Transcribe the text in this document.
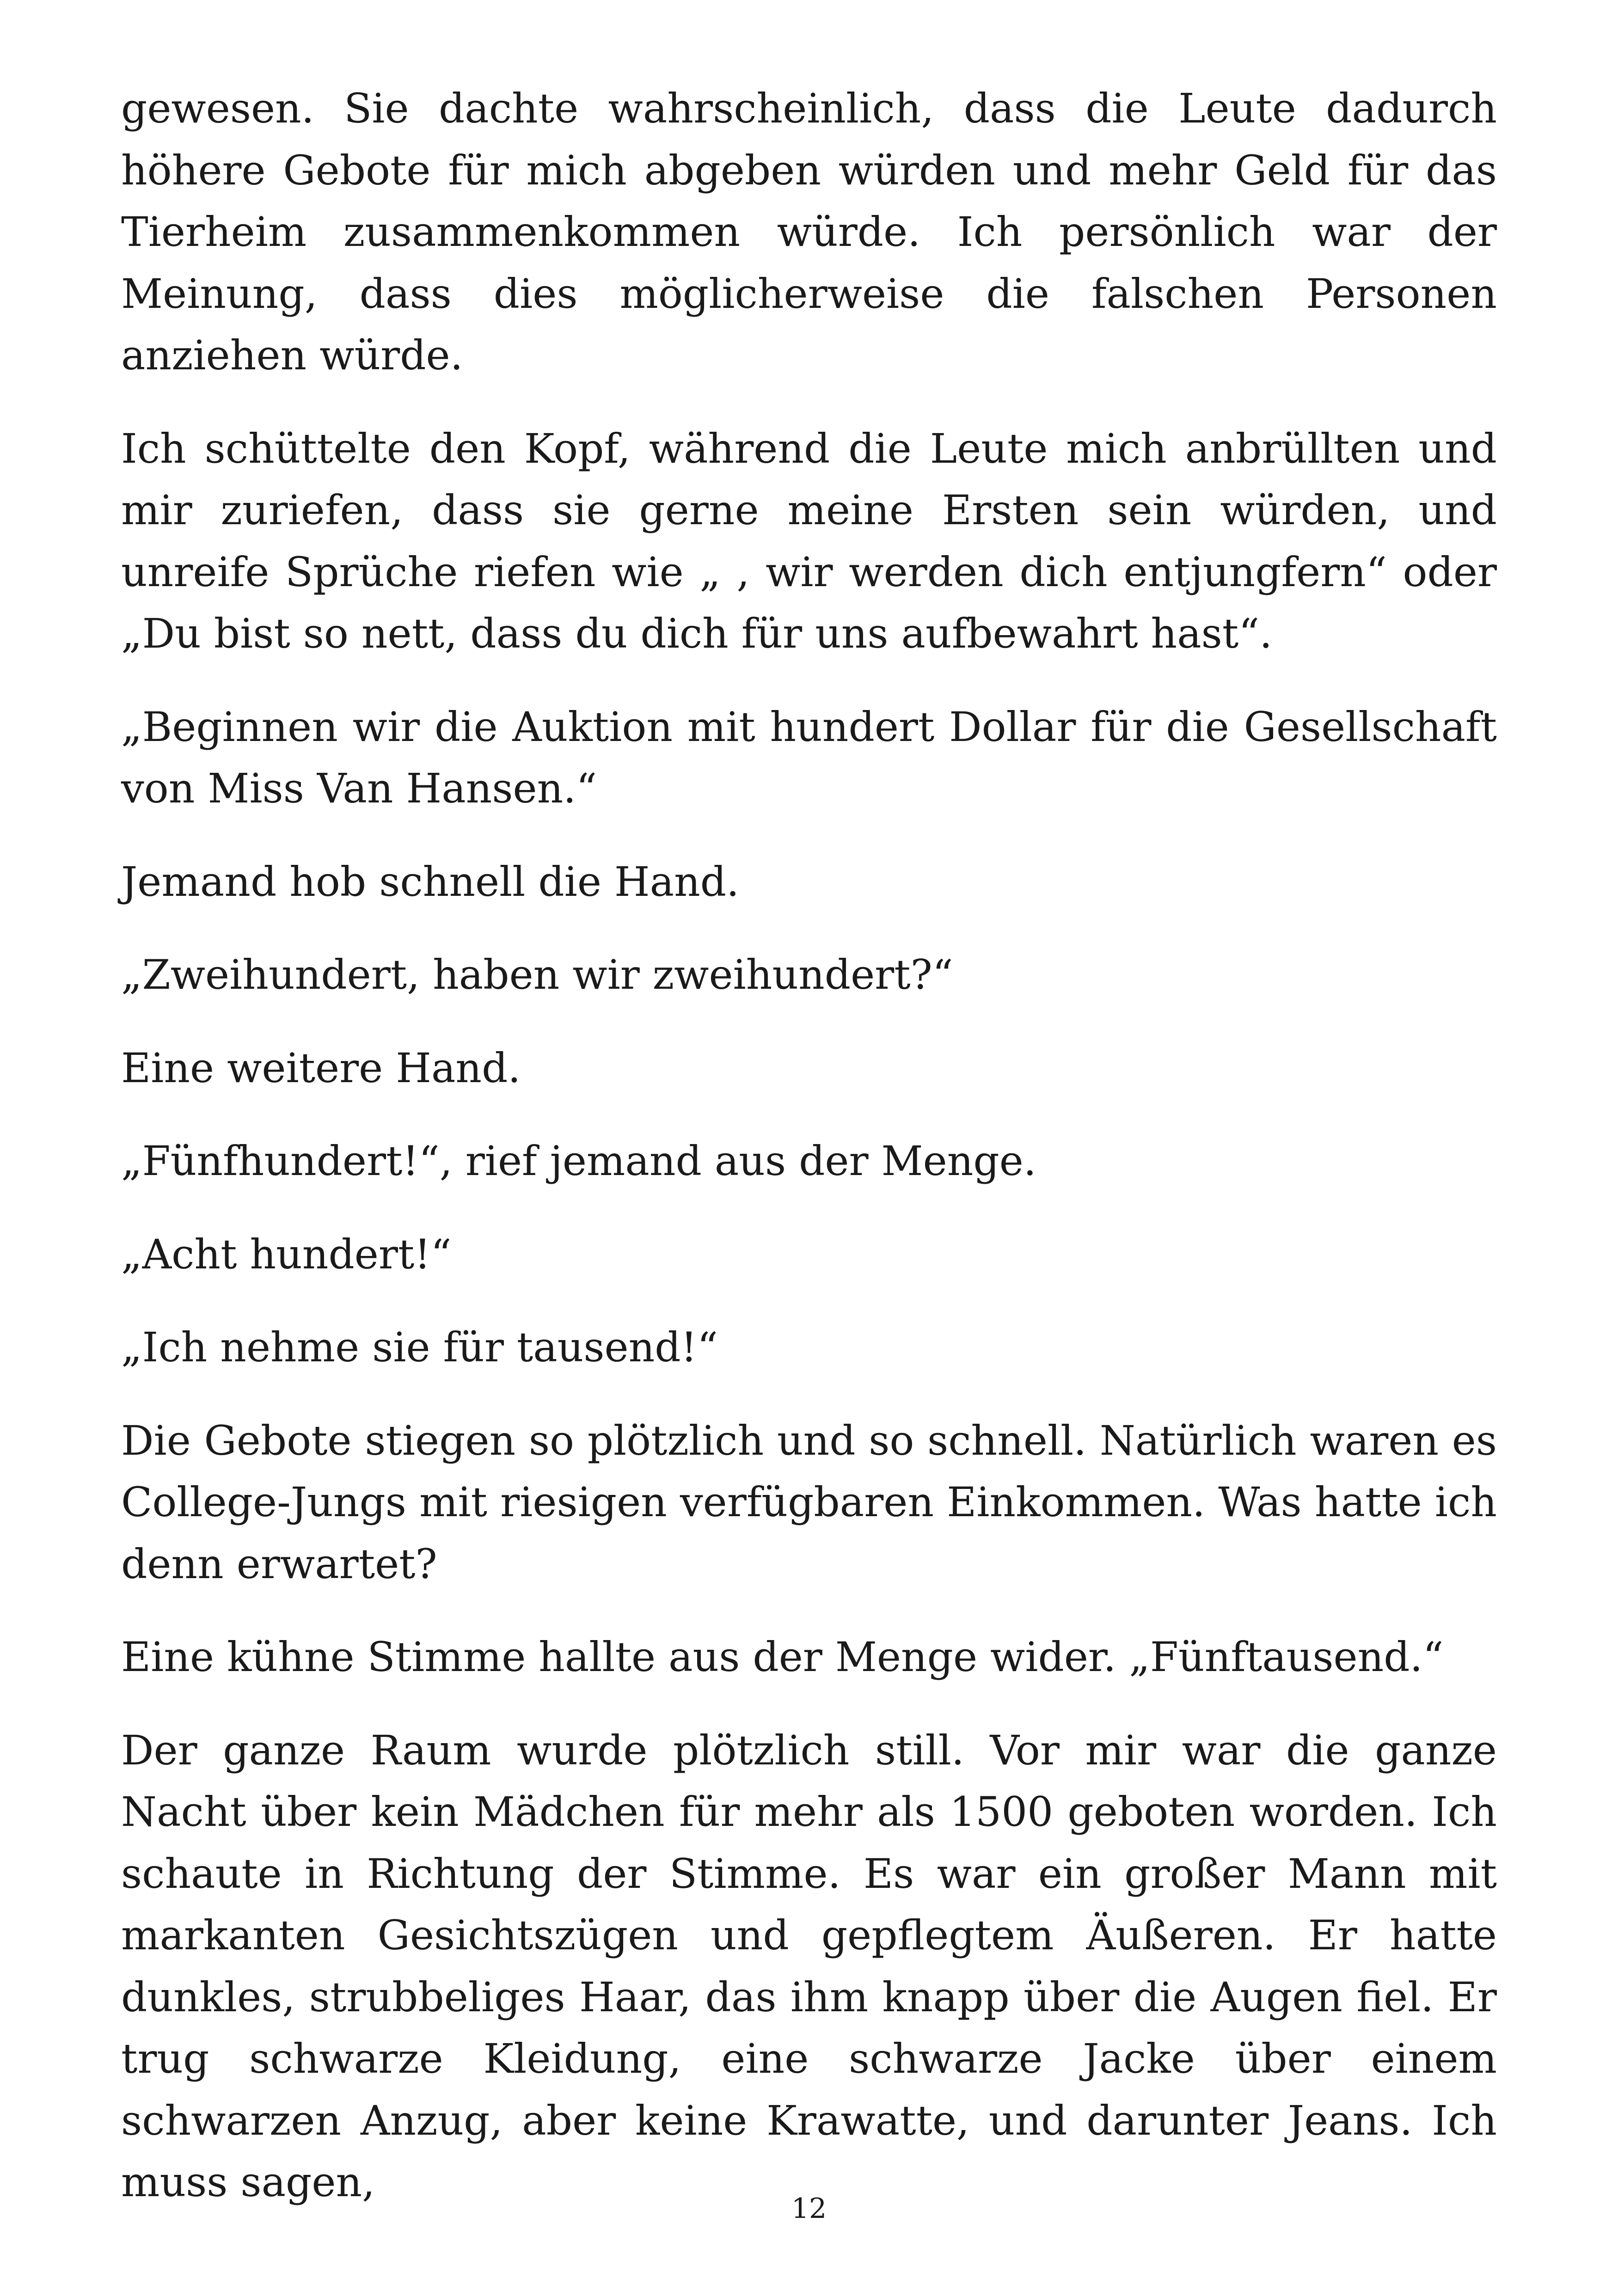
gewesen. Sie dachte wahrscheinlich, dass die Leute dadurch höhere Gebote für mich abgeben würden und mehr Geld für das Tierheim zusammenkommen würde. Ich persönlich war der Meinung, dass dies möglicherweise die falschen Personen anziehen würde.

Ich schüttelte den Kopf, während die Leute mich anbrüllten und mir zuriefen, dass sie gerne meine Ersten sein würden, und unreife Sprüche riefen wie „ , wir werden dich entjungfern“ oder „Du bist so nett, dass du dich für uns aufbewahrt hast“.

„Beginnen wir die Auktion mit hundert Dollar für die Gesellschaft von Miss Van Hansen.“

Jemand hob schnell die Hand.

„Zweihundert, haben wir zweihundert?“

Eine weitere Hand.

„Fünfhundert!“, rief jemand aus der Menge.

„Acht hundert!“

„Ich nehme sie für tausend!“

Die Gebote stiegen so plötzlich und so schnell. Natürlich waren es College-Jungs mit riesigen verfügbaren Einkommen. Was hatte ich denn erwartet?

Eine kühne Stimme hallte aus der Menge wider. „Fünftausend.“

Der ganze Raum wurde plötzlich still. Vor mir war die ganze Nacht über kein Mädchen für mehr als 1500 geboten worden. Ich schaute in Richtung der Stimme. Es war ein großer Mann mit markanten Gesichtszügen und gepflegtem Äußeren. Er hatte dunkles, strubbeliges Haar, das ihm knapp über die Augen fiel. Er trug schwarze Kleidung, eine schwarze Jacke über einem schwarzen Anzug, aber keine Krawatte, und darunter Jeans. Ich muss sagen,

12
